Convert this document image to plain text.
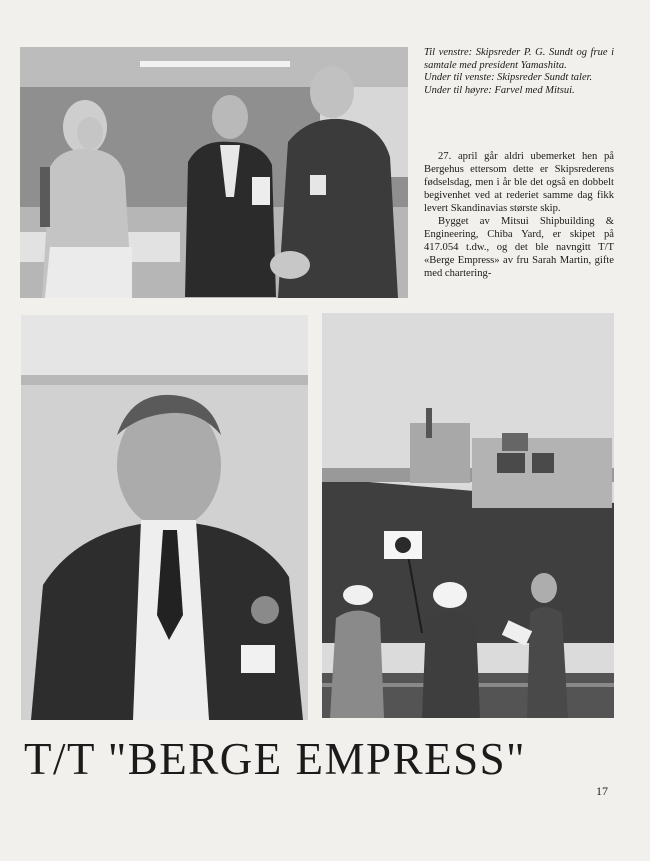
Til venstre: Skipsreder P. G. Sundt og frue i samtale med president Yamashita.

Under til venste: Skipsreder Sundt taler.

Under til høyre: Farvel med Mitsui.

27. april går aldri ubemerket hen på Bergehus ettersom dette er Skipsrederens fødselsdag, men i år ble det også en dobbelt begivenhet ved at rederiet samme dag fikk levert Skandinavias største skip.

Bygget av Mitsui Shipbuilding & Engineering, Chiba Yard, er skipet på 417.054 t.dw., og det ble navngitt T/T «Berge Empress» av fru Sarah Martin, gifte med chartering-

T/T "BERGE EMPRESS"
17
